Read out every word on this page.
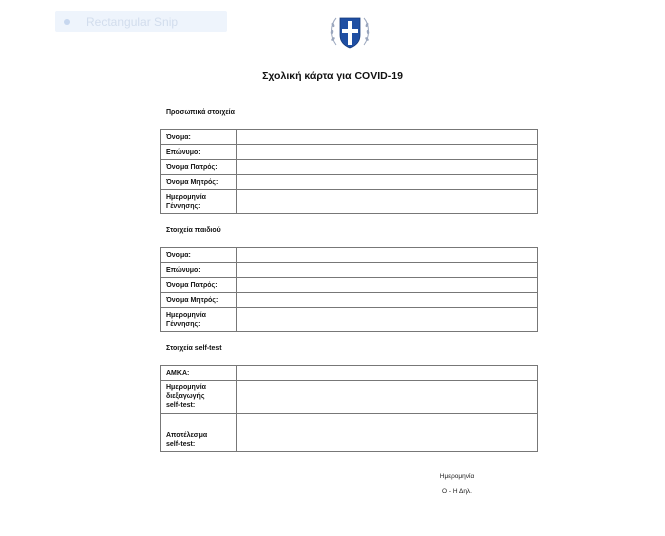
Rectangular Snip
Σχολική κάρτα για COVID-19
Προσωπικά στοιχεία
Όνομα:	
Επώνυμο:	
Όνομα Πατρός:	
Όνομα Μητρός:	
Ημερομηνία
Γέννησης:	
Στοιχεία παιδιού
Όνομα:	
Επώνυμο:	
Όνομα Πατρός:	
Όνομα Μητρός:	
Ημερομηνία
Γέννησης:	
Στοιχεία self-test
ΑΜΚΑ:	
Ημερομηνία
διεξαγωγής
self-test:	
Αποτέλεσμα
self-test:	
Ημερομηνία
Ο - Η Δηλ.
